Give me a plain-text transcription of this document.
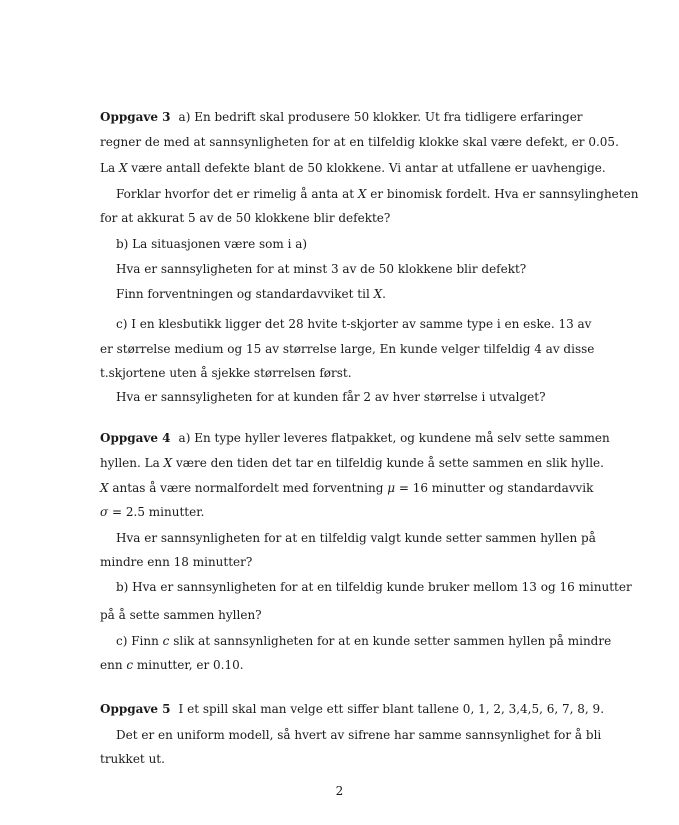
Oppgave 3 a) En bedrift skal produsere 50 klokker. Ut fra tidligere erfaringer
regner de med at sannsynligheten for at en tilfeldig klokke skal være defekt, er 0.05.
La X være antall defekte blant de 50 klokkene. Vi antar at utfallene er uavhengige.
Forklar hvorfor det er rimelig å anta at X er binomisk fordelt. Hva er sannsylingheten
for at akkurat 5 av de 50 klokkene blir defekte?
b) La situasjonen være som i a)
Hva er sannsyligheten for at minst 3 av de 50 klokkene blir defekt?
Finn forventningen og standardavviket til X.
c) I en klesbutikk ligger det 28 hvite t-skjorter av samme type i en eske. 13 av
er størrelse medium og 15 av størrelse large, En kunde velger tilfeldig 4 av disse
t.skjortene uten å sjekke størrelsen først.
Hva er sannsyligheten for at kunden får 2 av hver størrelse i utvalget?
Oppgave 4 a) En type hyller leveres flatpakket, og kundene må selv sette sammen
hyllen. La X være den tiden det tar en tilfeldig kunde å sette sammen en slik hylle.
X antas å være normalfordelt med forventning μ = 16 minutter og standardavvik
σ = 2.5 minutter.
Hva er sannsynligheten for at en tilfeldig valgt kunde setter sammen hyllen på
mindre enn 18 minutter?
b) Hva er sannsynligheten for at en tilfeldig kunde bruker mellom 13 og 16 minutter
på å sette sammen hyllen?
c) Finn c slik at sannsynligheten for at en kunde setter sammen hyllen på mindre
enn c minutter, er 0.10.
Oppgave 5 I et spill skal man velge ett siffer blant tallene 0, 1, 2, 3,4,5, 6, 7, 8, 9.
Det er en uniform modell, så hvert av sifrene har samme sannsynlighet for å bli
trukket ut.
2
